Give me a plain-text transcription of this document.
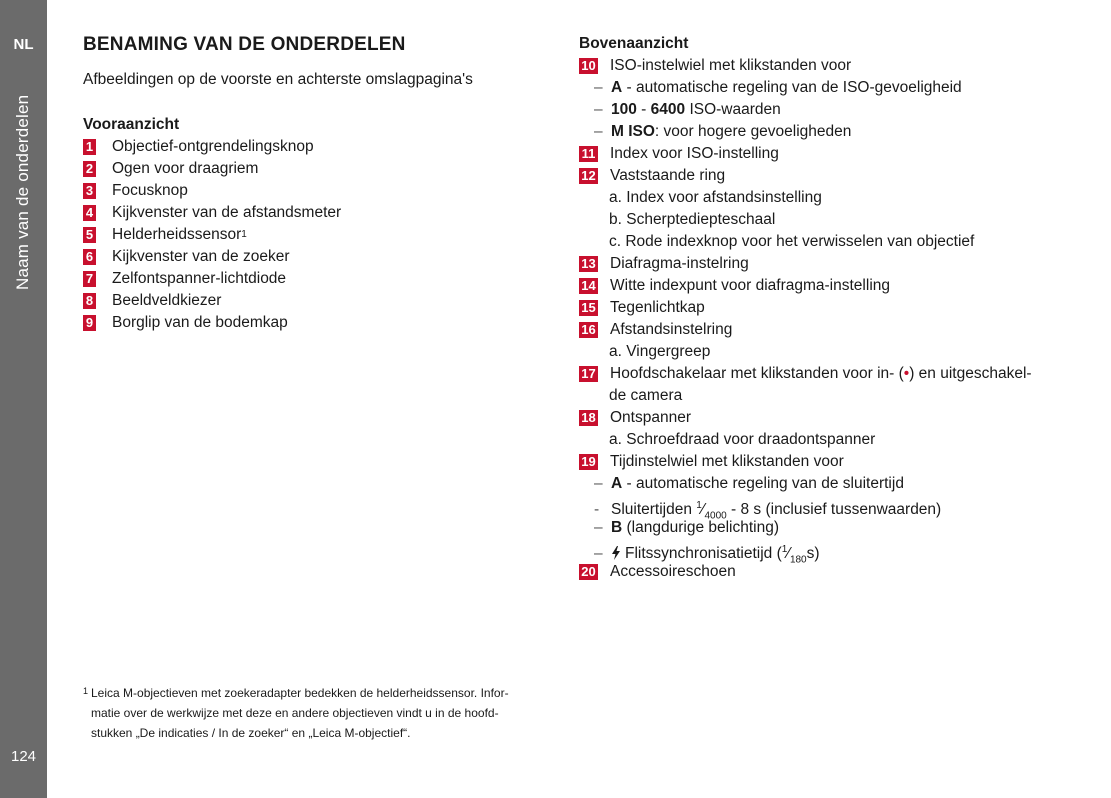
NL
Naam van de onderdelen
124
BENAMING VAN DE ONDERDELEN
Afbeeldingen op de voorste en achterste omslagpagina's
Vooraanzicht
1 Objectief-ontgrendelingsknop
2 Ogen voor draagriem
3 Focusknop
4 Kijkvenster van de afstandsmeter
5 Helderheidssensor 1
6 Kijkvenster van de zoeker
7 Zelfontspanner-lichtdiode
8 Beeldveldkiezer
9 Borglip van de bodemkap
Bovenaanzicht
10 ISO-instelwiel met klikstanden voor
– A - automatische regeling van de ISO-gevoeligheid
– 100 - 6400 ISO-waarden
– M ISO: voor hogere gevoeligheden
11 Index voor ISO-instelling
12 Vaststaande ring
a. Index voor afstandsinstelling
b. Scherptediepteschaal
c. Rode indexknop voor het verwisselen van objectief
13 Diafragma-instelring
14 Witte indexpunt voor diafragma-instelling
15 Tegenlichtkap
16 Afstandsinstelring
a. Vingergreep
17 Hoofdschakelaar met klikstanden voor in- (•) en uitgeschakel-
de camera
18 Ontspanner
a. Schroefdraad voor draadontspanner
19 Tijdinstelwiel met klikstanden voor
– A - automatische regeling van de sluitertijd
- Sluitertijden $^1⁄_{4000} - 8$ s (inclusief tussenwaarden)
– B (langdurige belichting)
– Flitssynchronisatietijd $(^1⁄_{180}s)$
20 Accessoireschoen
1 Leica M-objectieven met zoekeradapter bedekken de helderheidssensor. Infor-
matie over de werkwijze met deze en andere objectieven vindt u in de hoofd-
stukken „De indicaties / In de zoeker“ en „Leica M-objectief“.
